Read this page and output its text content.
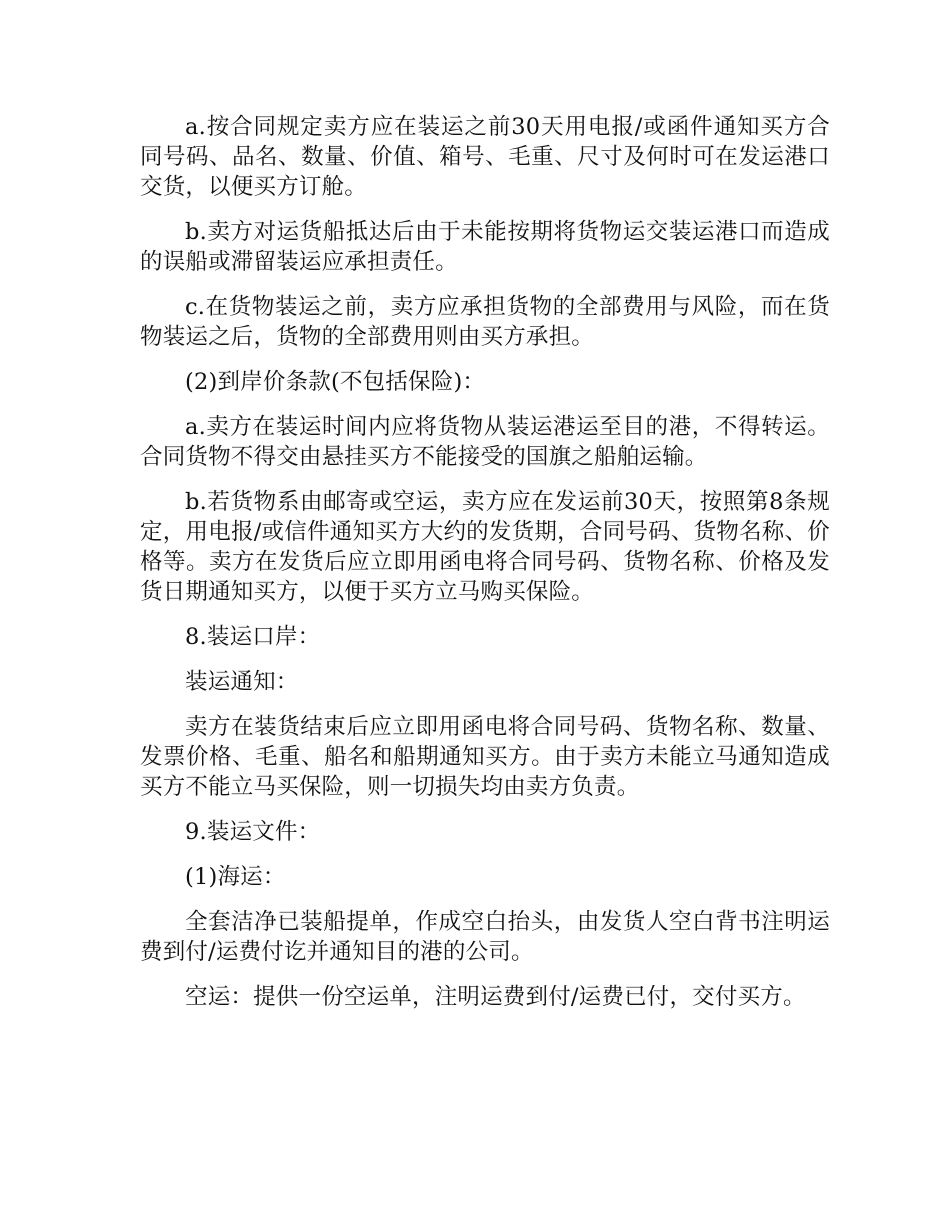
a.按合同规定卖方应在装运之前30天用电报/或函件通知买方合同号码、品名、数量、价值、箱号、毛重、尺寸及何时可在发运港口交货，以便买方订舱。

b.卖方对运货船抵达后由于未能按期将货物运交装运港口而造成的误船或滞留装运应承担责任。

c.在货物装运之前，卖方应承担货物的全部费用与风险，而在货物装运之后，货物的全部费用则由买方承担。

(2)到岸价条款(不包括保险)：

a.卖方在装运时间内应将货物从装运港运至目的港，不得转运。合同货物不得交由悬挂买方不能接受的国旗之船舶运输。

b.若货物系由邮寄或空运，卖方应在发运前30天，按照第8条规定，用电报/或信件通知买方大约的发货期，合同号码、货物名称、价格等。卖方在发货后应立即用函电将合同号码、货物名称、价格及发货日期通知买方，以便于买方立马购买保险。

8.装运口岸：

装运通知：

卖方在装货结束后应立即用函电将合同号码、货物名称、数量、发票价格、毛重、船名和船期通知买方。由于卖方未能立马通知造成买方不能立马买保险，则一切损失均由卖方负责。

9.装运文件：

(1)海运：

全套洁净已装船提单，作成空白抬头，由发货人空白背书注明运费到付/运费付讫并通知目的港的公司。

空运：提供一份空运单，注明运费到付/运费已付，交付买方。
